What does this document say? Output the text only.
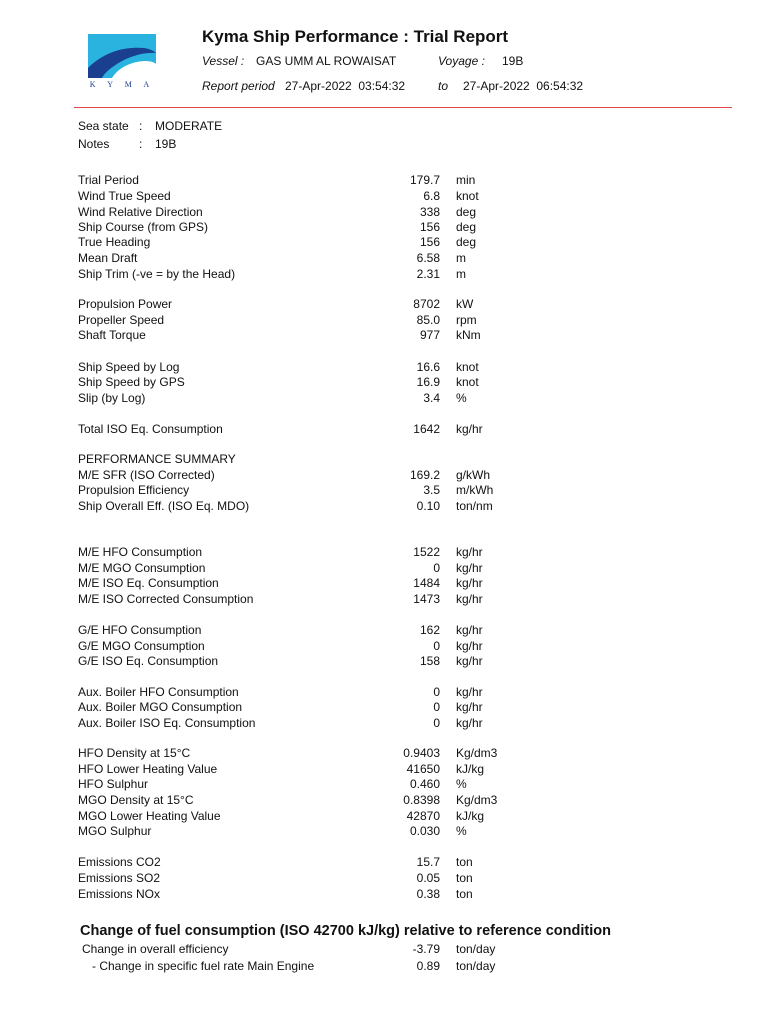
K Y M A
Kyma Ship Performance : Trial Report
Vessel : GAS UMM AL ROWAISAT	Voyage : 19B
Report period 27-Apr-2022  03:54:32	to 27-Apr-2022  06:54:32
Sea state : MODERATE
Notes : 19B
Trial Period	179.7 min
Wind True Speed	6.8 knot
Wind Relative Direction	338 deg
Ship Course (from GPS)	156 deg
True Heading	156 deg
Mean Draft	6.58 m
Ship Trim (-ve = by the Head)	2.31 m
Propulsion Power	8702 kW
Propeller Speed	85.0 rpm
Shaft Torque	977 kNm
Ship Speed by Log	16.6 knot
Ship Speed by GPS	16.9 knot
Slip (by Log)	3.4 %
Total ISO Eq. Consumption	1642 kg/hr
PERFORMANCE SUMMARY
M/E SFR (ISO Corrected)	169.2 g/kWh
Propulsion Efficiency	3.5 m/kWh
Ship Overall Eff. (ISO Eq. MDO)	0.10 ton/nm
M/E HFO Consumption	1522 kg/hr
M/E MGO Consumption	0 kg/hr
M/E ISO Eq. Consumption	1484 kg/hr
M/E ISO Corrected Consumption	1473 kg/hr
G/E HFO Consumption	162 kg/hr
G/E MGO Consumption	0 kg/hr
G/E ISO Eq. Consumption	158 kg/hr
Aux. Boiler HFO Consumption	0 kg/hr
Aux. Boiler MGO Consumption	0 kg/hr
Aux. Boiler ISO Eq. Consumption	0 kg/hr
HFO Density at 15°C	0.9403 Kg/dm3
HFO Lower Heating Value	41650 kJ/kg
HFO Sulphur	0.460 %
MGO Density at 15°C	0.8398 Kg/dm3
MGO Lower Heating Value	42870 kJ/kg
MGO Sulphur	0.030 %
Emissions CO2	15.7 ton
Emissions SO2	0.05 ton
Emissions NOx	0.38 ton
Change of fuel consumption (ISO 42700 kJ/kg) relative to reference condition
Change in overall efficiency	-3.79 ton/day
- Change in specific fuel rate Main Engine	0.89 ton/day
